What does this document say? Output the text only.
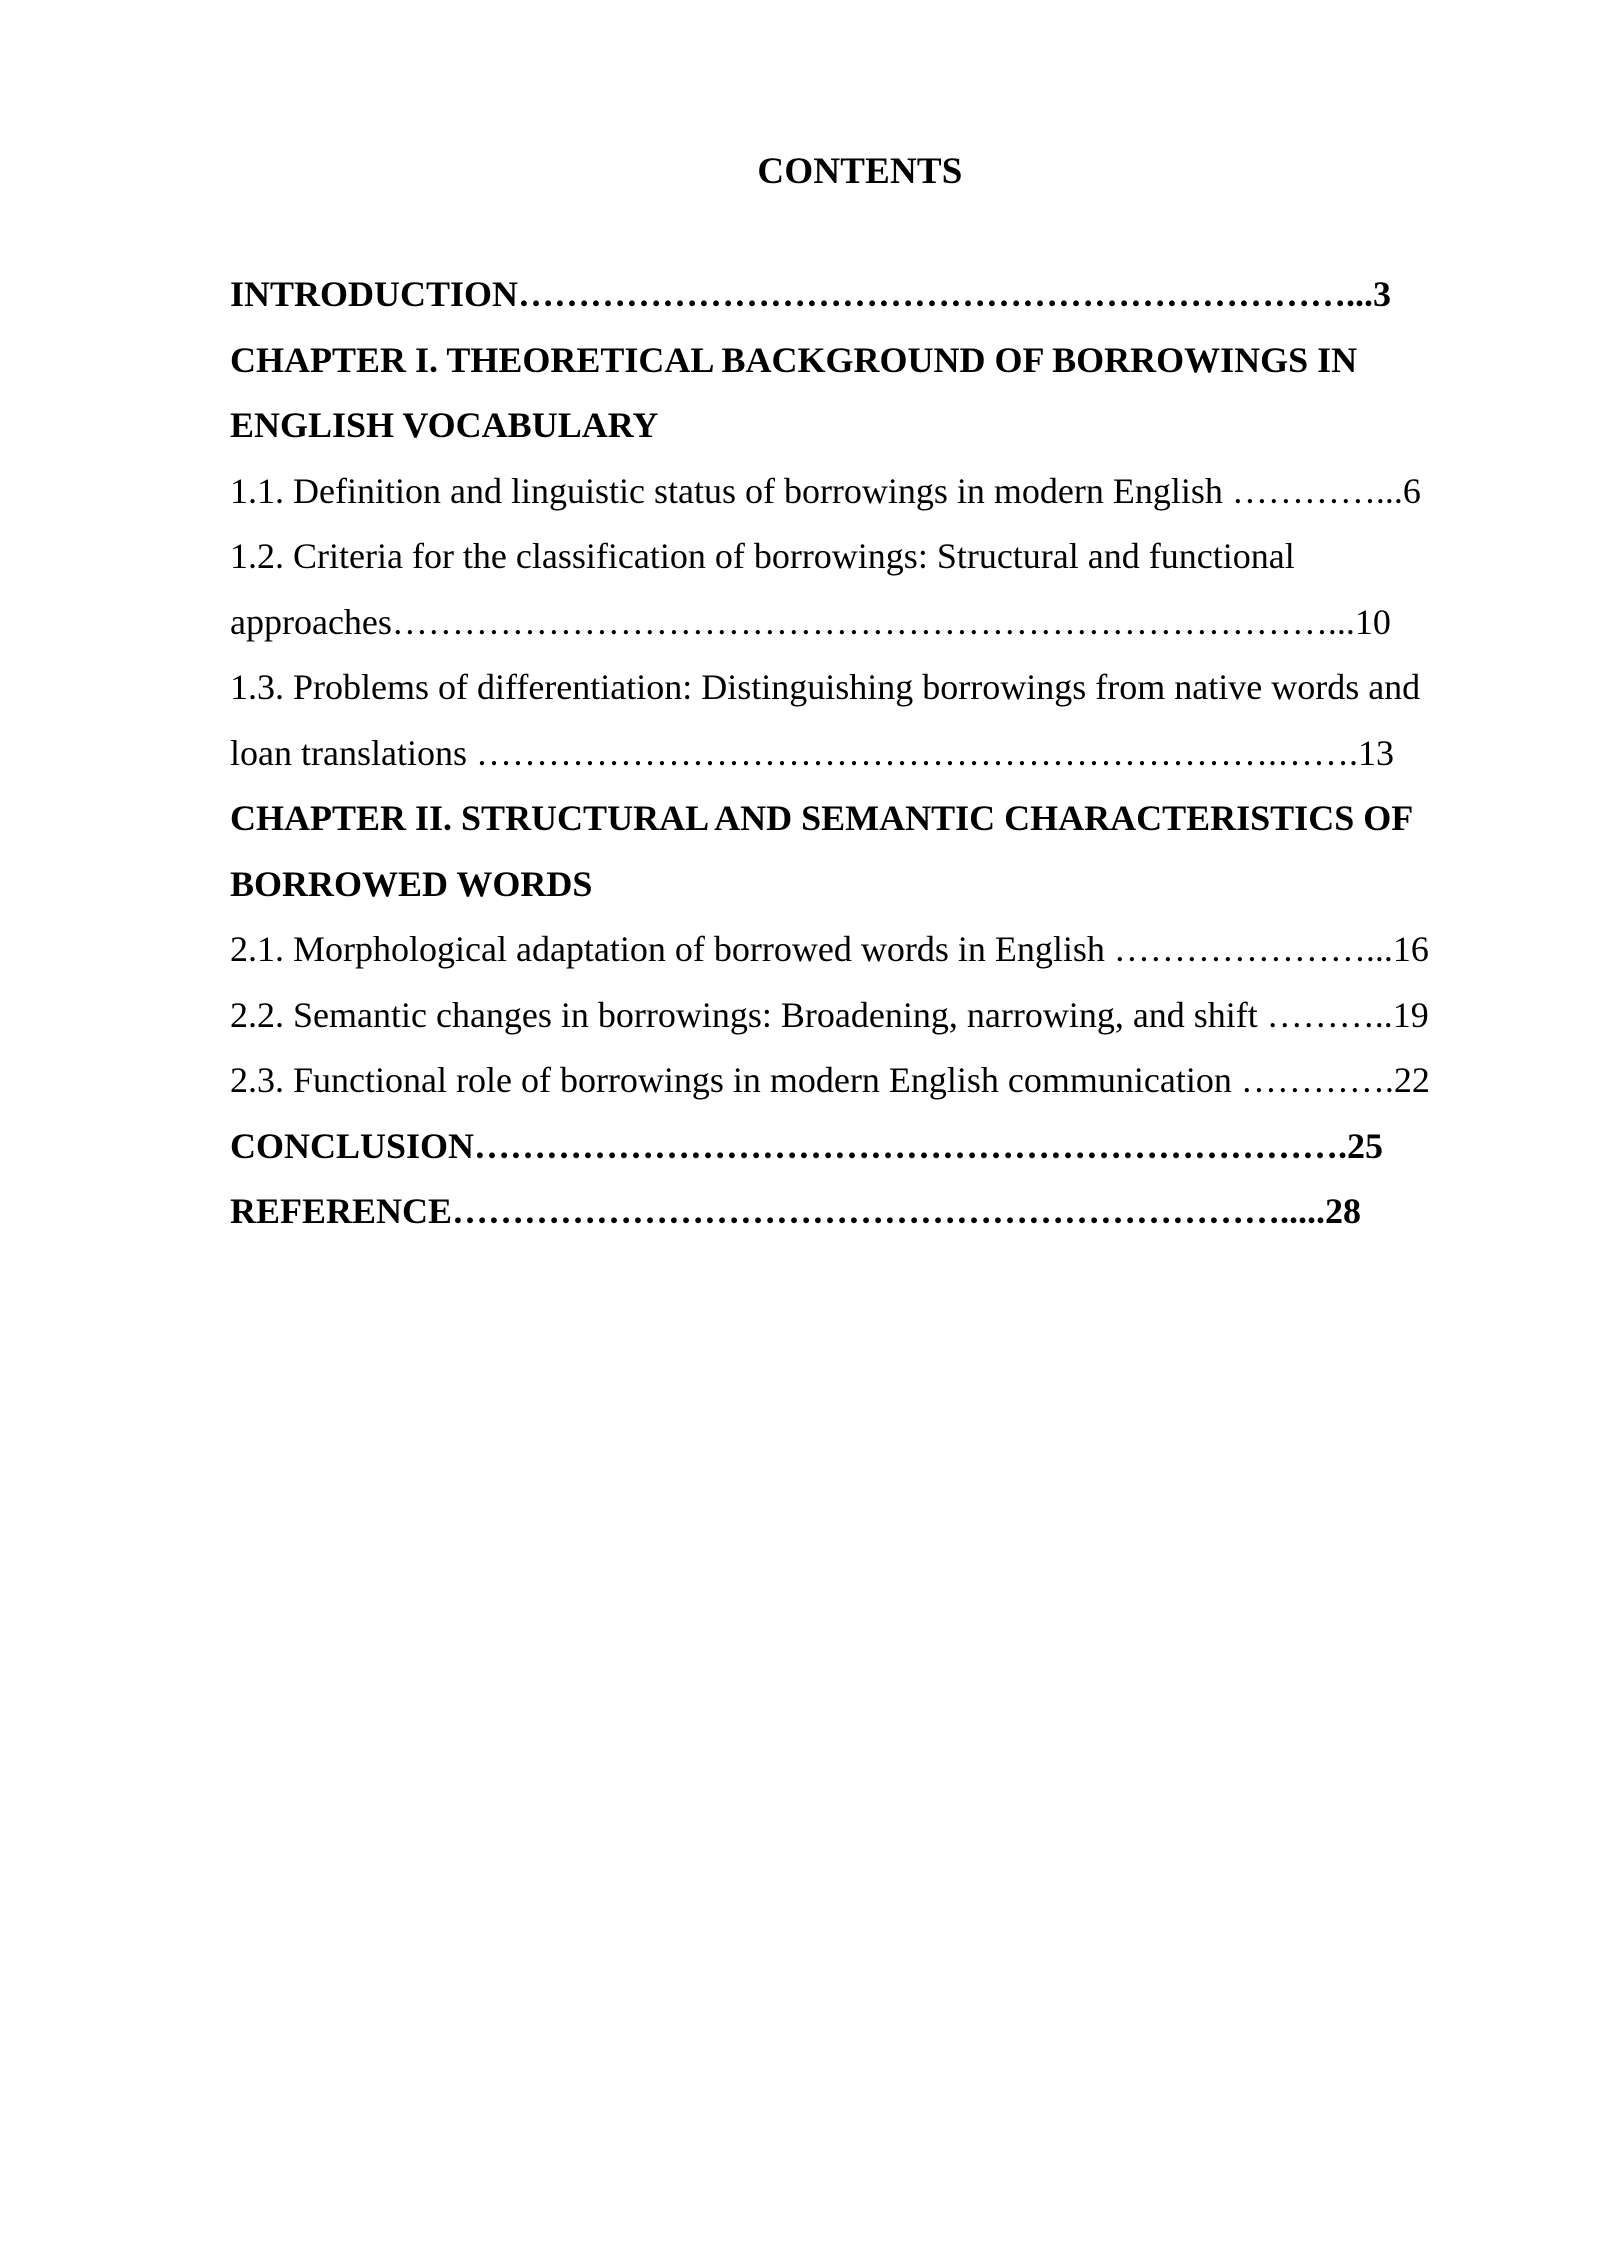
CONTENTS
INTRODUCTION……………………………………………………………...3
CHAPTER I. THEORETICAL BACKGROUND OF BORROWINGS IN
ENGLISH VOCABULARY
1.1. Definition and linguistic status of borrowings in modern English …………...6
1.2. Criteria for the classification of borrowings: Structural and functional
approaches……………………………………………………………………...10
1.3. Problems of differentiation: Distinguishing borrowings from native words and
loan translations ………………………………………………………….…….13
CHAPTER II. STRUCTURAL AND SEMANTIC CHARACTERISTICS OF
BORROWED WORDS
2.1. Morphological adaptation of borrowed words in English …………………...16
2.2. Semantic changes in borrowings: Broadening, narrowing, and shift ………..19
2.3. Functional role of borrowings in modern English communication ………….22
CONCLUSION……………………………………………………………….25
REFERENCE…………………………………………………………….....28
